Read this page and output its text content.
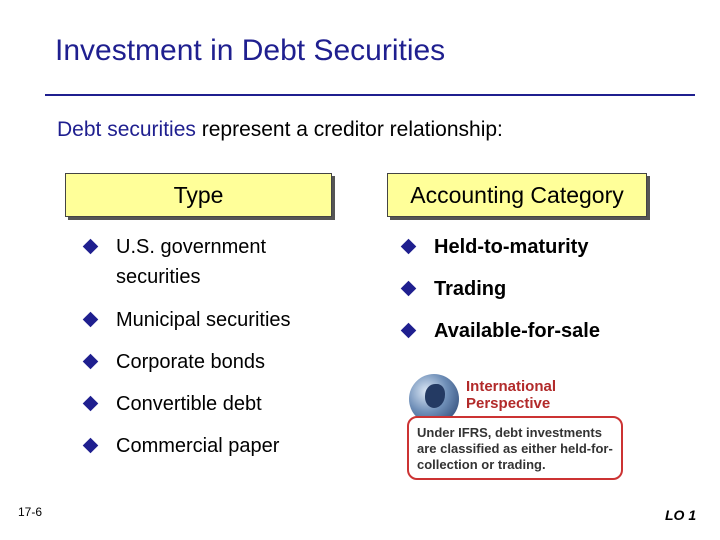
Investment in Debt Securities
Debt securities represent a creditor relationship:
Type	Accounting Category
U.S. government securities
Municipal securities
Corporate bonds
Convertible debt
Commercial paper
Held-to-maturity
Trading
Available-for-sale
International Perspective
Under IFRS, debt investments are classified as either held-for-collection or trading.
17-6	LO 1
